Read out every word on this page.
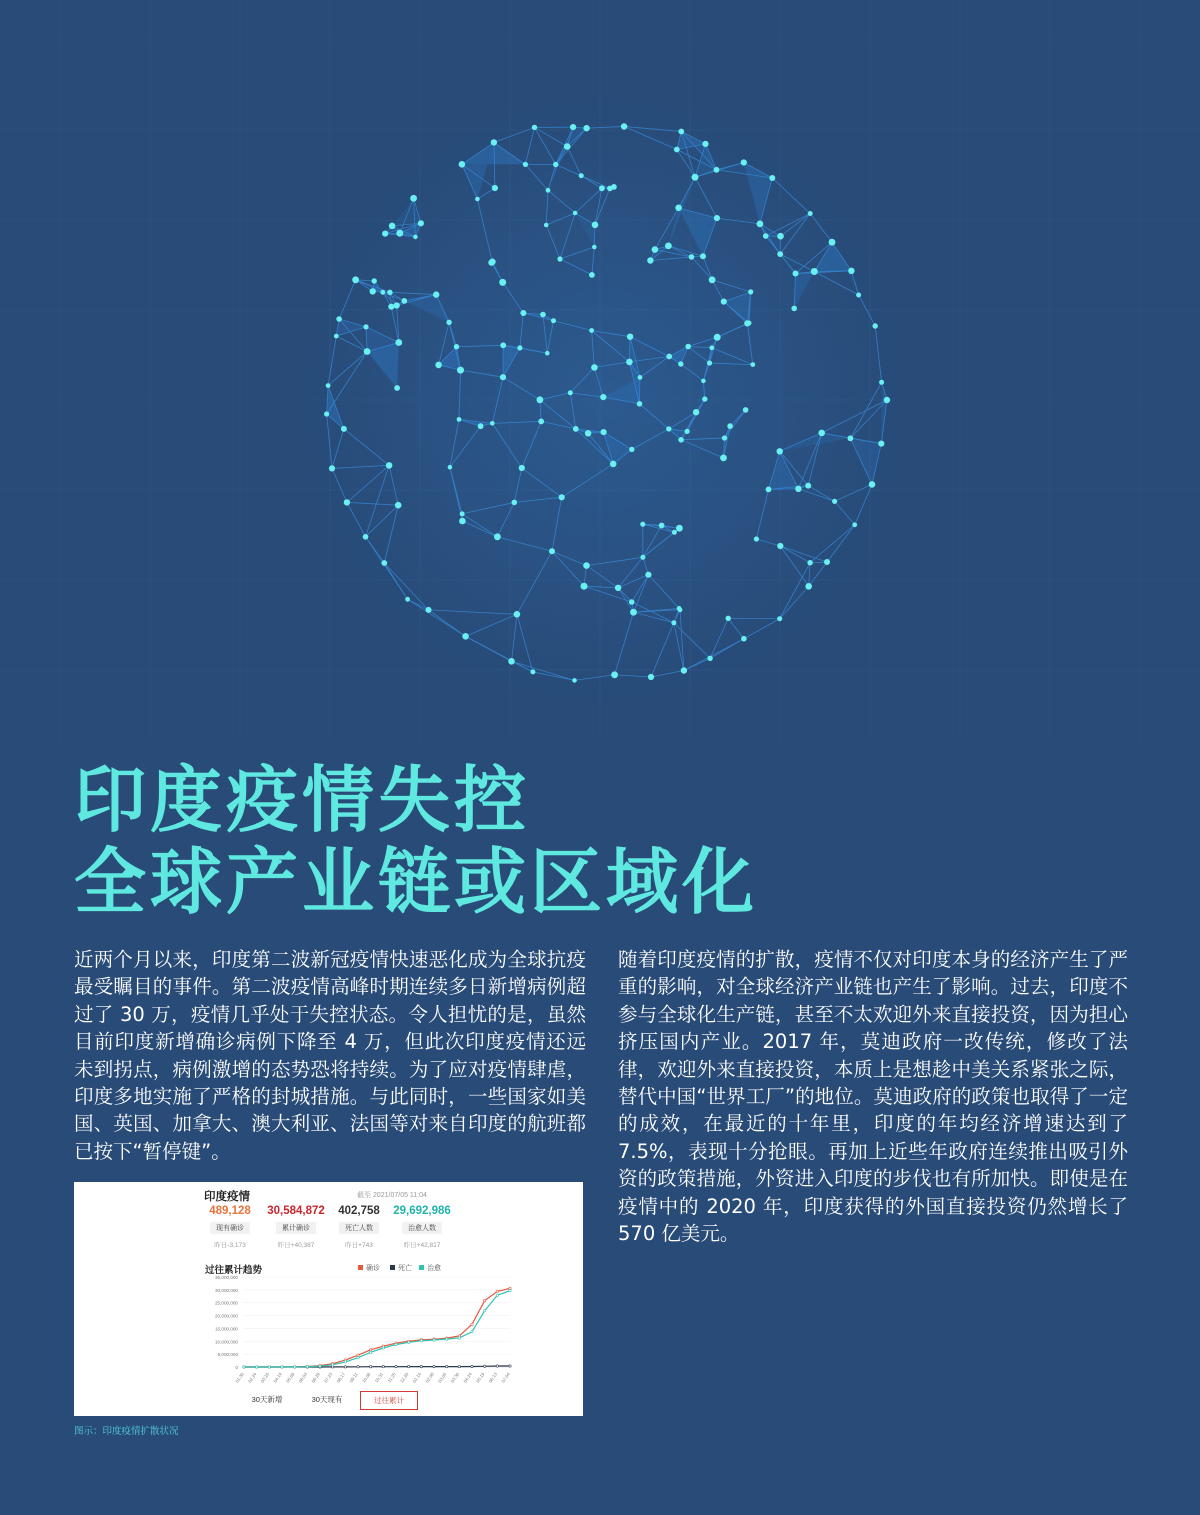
印度疫情失控
全球产业链或区域化

近两个月以来，印度第二波新冠疫情快速恶化成为全球抗疫最受瞩目的事件。第二波疫情高峰时期连续多日新增病例超过了 30 万，疫情几乎处于失控状态。令人担忧的是，虽然目前印度新增确诊病例下降至 4 万，但此次印度疫情还远未到拐点，病例激增的态势恐将持续。为了应对疫情肆虐，印度多地实施了严格的封城措施。与此同时，一些国家如美国、英国、加拿大、澳大利亚、法国等对来自印度的航班都已按下“暂停键”。

随着印度疫情的扩散，疫情不仅对印度本身的经济产生了严重的影响，对全球经济产业链也产生了影响。过去，印度不参与全球化生产链，甚至不太欢迎外来直接投资，因为担心挤压国内产业。2017 年，莫迪政府一改传统，修改了法律，欢迎外来直接投资，本质上是想趁中美关系紧张之际，替代中国“世界工厂”的地位。莫迪政府的政策也取得了一定的成效，在最近的十年里，印度的年均经济增速达到了 7.5%，表现十分抢眼。再加上近些年政府连续推出吸引外资的政策措施，外资进入印度的步伐也有所加快。即使是在疫情中的 2020 年，印度获得的外国直接投资仍然增长了 570 亿美元。

印度疫情	截至 2021/07/05 11:04
489,128
现有确诊
昨日-3,173
30,584,872
累计确诊
昨日+40,387
402,758
死亡人数
昨日+743
29,692,986
治愈人数
昨日+42,817
过往累计趋势	确诊	死亡 治愈
0
5,000,000
10,000,000
15,000,000
20,000,000
25,000,000
30,000,000
35,000,000
01.30 02.24 03.20 04.14 05.09 06.03 06.28 07.23 08.17 09.11 10.06 10.31 11.25 12.20 01.14 02.08 03.05 03.30 04.24 05.19 06.13 07.04
30天新增	30天现有	过往累计

图示：印度疫情扩散状况
